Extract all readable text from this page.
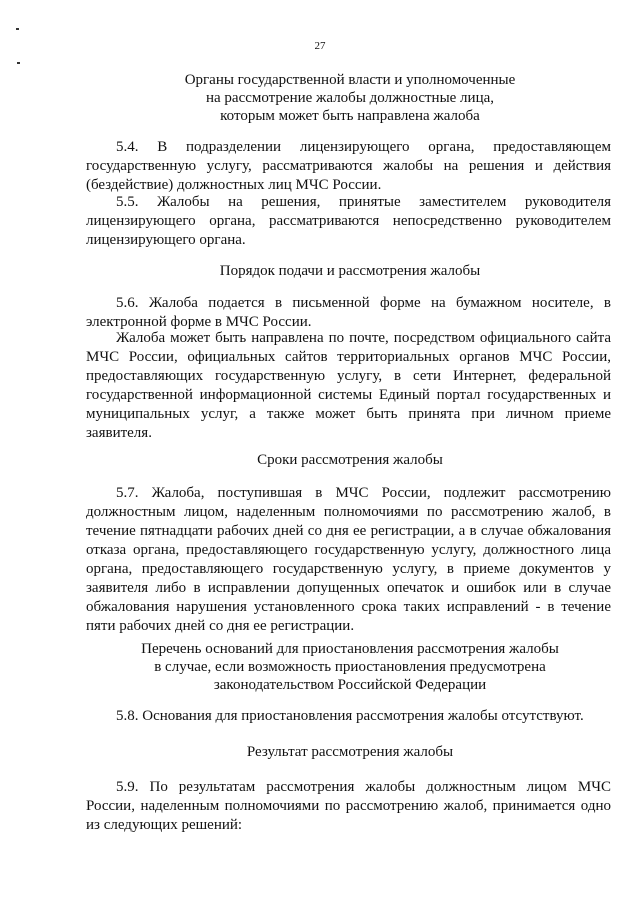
27
Органы государственной власти и уполномоченные
на рассмотрение жалобы должностные лица,
которым может быть направлена жалоба

5.4. В подразделении лицензирующего органа, предоставляющем государственную услугу, рассматриваются жалобы на решения и действия (бездействие) должностных лиц МЧС России.

5.5. Жалобы на решения, принятые заместителем руководителя лицензирующего органа, рассматриваются непосредственно руководителем лицензирующего органа.

Порядок подачи и рассмотрения жалобы

5.6. Жалоба подается в письменной форме на бумажном носителе, в электронной форме в МЧС России.

Жалоба может быть направлена по почте, посредством официального сайта МЧС России, официальных сайтов территориальных органов МЧС России, предоставляющих государственную услугу, в сети Интернет, федеральной государственной информационной системы Единый портал государственных и муниципальных услуг, а также может быть принята при личном приеме заявителя.

Сроки рассмотрения жалобы

5.7. Жалоба, поступившая в МЧС России, подлежит рассмотрению должностным лицом, наделенным полномочиями по рассмотрению жалоб, в течение пятнадцати рабочих дней со дня ее регистрации, а в случае обжалования отказа органа, предоставляющего государственную услугу, должностного лица органа, предоставляющего государственную услугу, в приеме документов у заявителя либо в исправлении допущенных опечаток и ошибок или в случае обжалования нарушения установленного срока таких исправлений - в течение пяти рабочих дней со дня ее регистрации.

Перечень оснований для приостановления рассмотрения жалобы
в случае, если возможность приостановления предусмотрена
законодательством Российской Федерации

5.8. Основания для приостановления рассмотрения жалобы отсутствуют.

Результат рассмотрения жалобы

5.9. По результатам рассмотрения жалобы должностным лицом МЧС России, наделенным полномочиями по рассмотрению жалоб, принимается одно из следующих решений:
